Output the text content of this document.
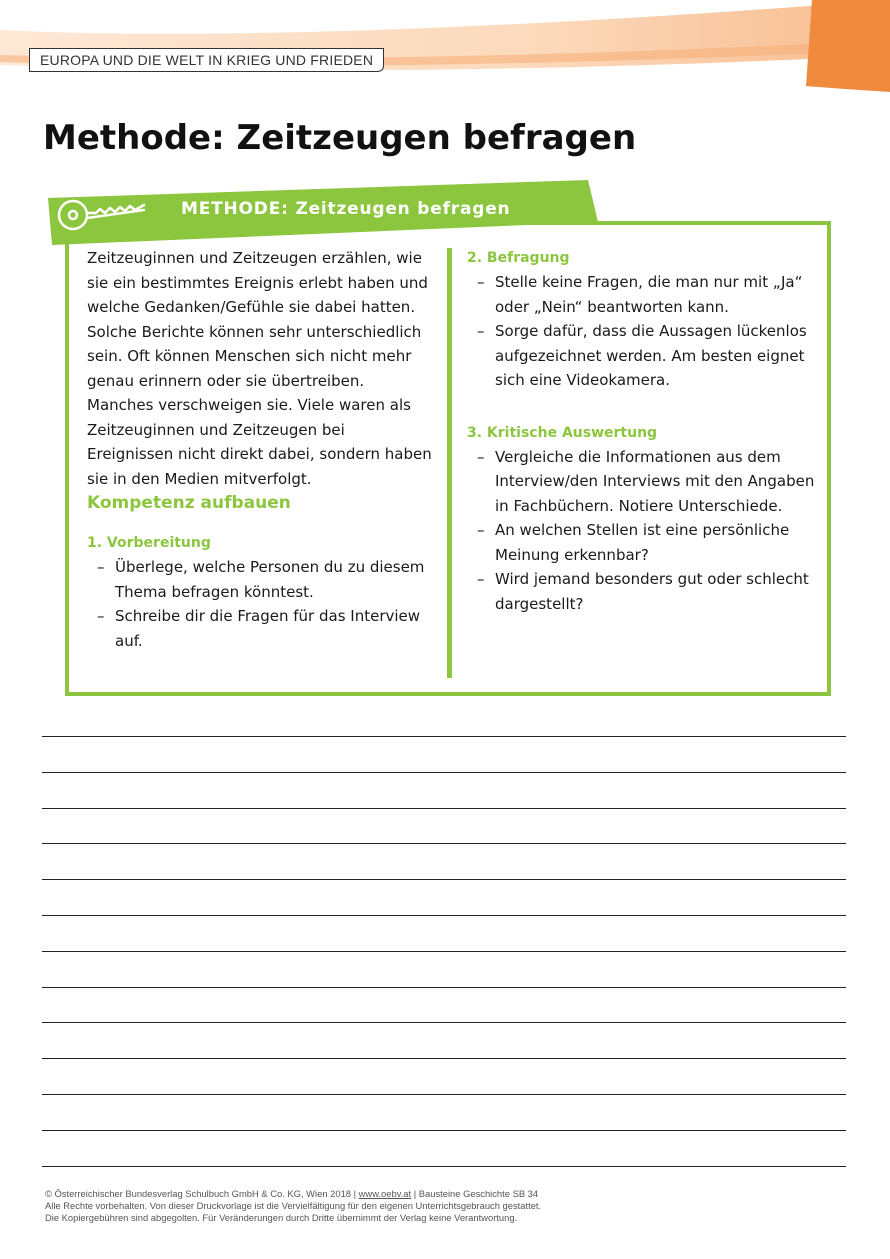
EUROPA UND DIE WELT IN KRIEG UND FRIEDEN
Methode: Zeitzeugen befragen
METHODE: Zeitzeugen befragen

Zeitzeuginnen und Zeitzeugen erzählen, wie sie ein bestimmtes Ereignis erlebt haben und welche Gedanken/Gefühle sie dabei hatten. Solche Berichte können sehr unterschiedlich sein. Oft können Menschen sich nicht mehr genau erinnern oder sie übertreiben. Manches verschweigen sie. Viele waren als Zeitzeuginnen und Zeitzeugen bei Ereignissen nicht direkt dabei, sondern haben sie in den Medien mitverfolgt.

Kompetenz aufbauen

1. Vorbereitung

– Überlege, welche Personen du zu diesem Thema befragen könntest.
– Schreibe dir die Fragen für das Interview auf.

2. Befragung

– Stelle keine Fragen, die man nur mit „Ja“ oder „Nein“ beantworten kann.
– Sorge dafür, dass die Aussagen lückenlos aufgezeichnet werden. Am besten eignet sich eine Videokamera.

3. Kritische Auswertung

– Vergleiche die Informationen aus dem Interview/den Interviews mit den Angaben in Fachbüchern. Notiere Unterschiede.
– An welchen Stellen ist eine persönliche Meinung erkennbar?
– Wird jemand besonders gut oder schlecht dargestellt?

© Österreichischer Bundesverlag Schulbuch GmbH & Co. KG, Wien 2018 | www.oebv.at | Bausteine Geschichte SB 34

Alle Rechte vorbehalten. Von dieser Druckvorlage ist die Vervielfältigung für den eigenen Unterrichtsgebrauch gestattet.

Die Kopiergebühren sind abgegolten. Für Veränderungen durch Dritte übernimmt der Verlag keine Verantwortung.
